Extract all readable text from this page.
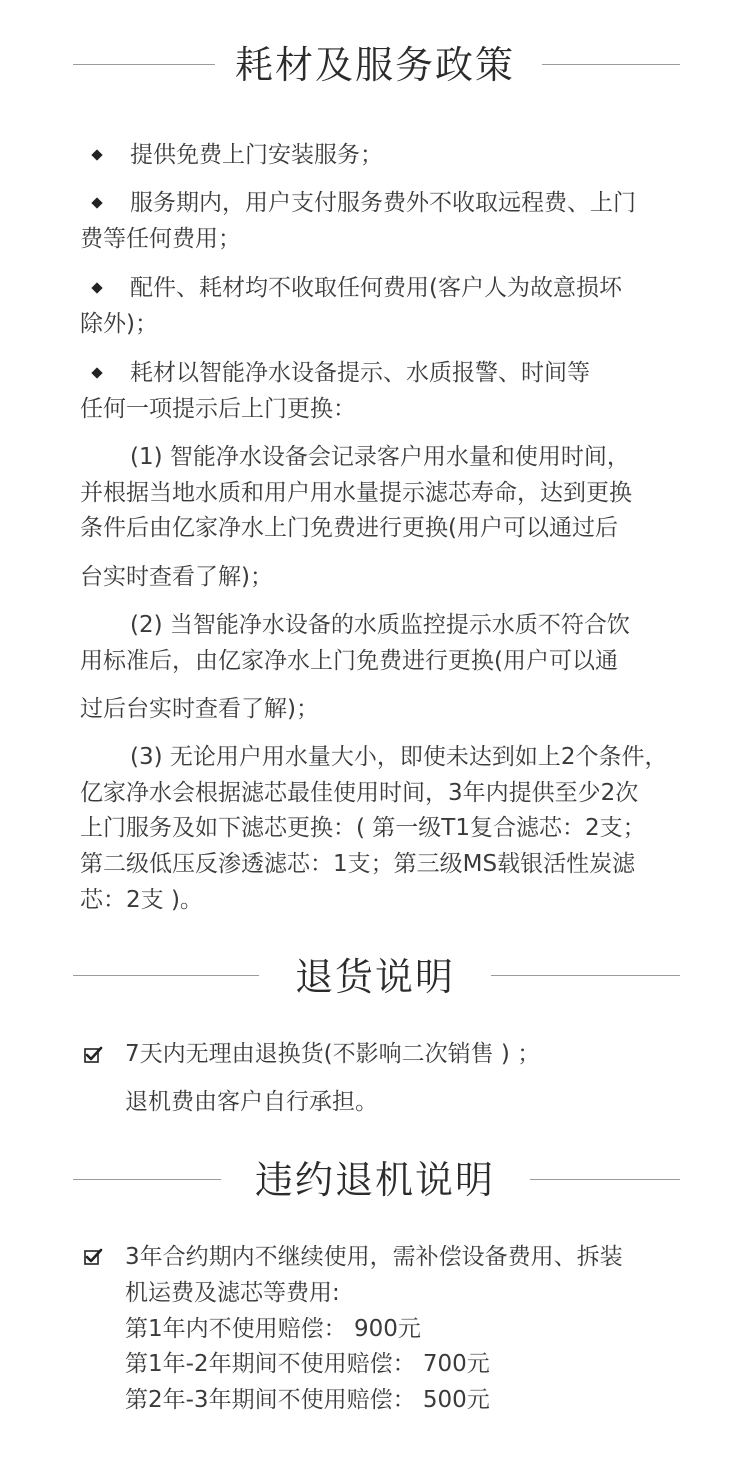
耗材及服务政策
提供免费上门安装服务；
服务期内，用户支付服务费外不收取远程费、上门
费等任何费用；
配件、耗材均不收取任何费用(客户人为故意损坏
除外)；
耗材以智能净水设备提示、水质报警、时间等
任何一项提示后上门更换：
(1) 智能净水设备会记录客户用水量和使用时间，
并根据当地水质和用户用水量提示滤芯寿命，达到更换
条件后由亿家净水上门免费进行更换(用户可以通过后
台实时查看了解)；
(2) 当智能净水设备的水质监控提示水质不符合饮
用标准后，由亿家净水上门免费进行更换(用户可以通
过后台实时查看了解)；
(3) 无论用户用水量大小，即使未达到如上2个条件，
亿家净水会根据滤芯最佳使用时间，3年内提供至少2次
上门服务及如下滤芯更换：( 第一级T1复合滤芯：2支；
第二级低压反渗透滤芯：1支；第三级MS载银活性炭滤
芯：2支 )。
退货说明
7天内无理由退换货(不影响二次销售 ) ；
退机费由客户自行承担。
违约退机说明
3年合约期内不继续使用，需补偿设备费用、拆装
机运费及滤芯等费用:
第1年内不使用赔偿： 900元
第1年-2年期间不使用赔偿： 700元
第2年-3年期间不使用赔偿： 500元
